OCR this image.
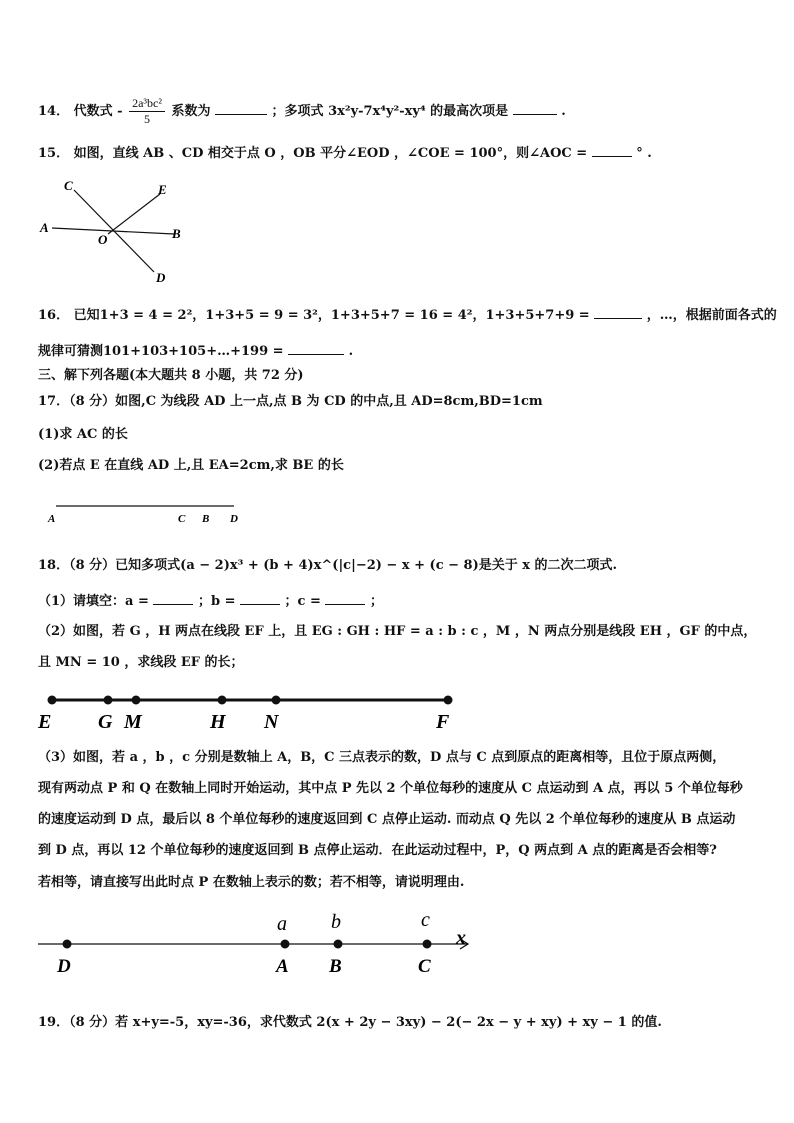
14． 代数式 - $\frac{\text{2a³bc²}}{5}$ 系数为	；多项式 3x²y-7x⁴y²-xy⁴ 的最高次项是	.
15． 如图，直线 AB 、CD 相交于点 O ，OB 平分∠EOD ，∠COE = 100°，则∠AOC =	° .
C	E
A
O	B
D
16． 已知1+3 = 4 = 2²，1+3+5 = 9 = 3²，1+3+5+7 = 16 = 4²，1+3+5+7+9 =	，…，根据前面各式的
规律可猜测101+103+105+…+199 =	.
三、解下列各题(本大题共 8 小题，共 72 分)
17．（8 分）如图,C 为线段 AD 上一点,点 B 为 CD 的中点,且 AD=8cm,BD=1cm
(1)求 AC 的长
(2)若点 E 在直线 AD 上,且 EA=2cm,求 BE 的长
A	C B D
18．（8 分）已知多项式(a − 2)x³ + (b + 4)x^(|c|−2) − x + (c − 8)是关于 x 的二次二项式.
（1）请填空：a =	；b =	；c =	；
（2）如图，若 G ，H 两点在线段 EF 上，且 EG : GH : HF = a : b : c ，M ，N 两点分别是线段 EH ，GF 的中点，
且 MN = 10 ，求线段 EF 的长；
E G M	H N	F
（3）如图，若 a ，b ，c 分别是数轴上 A，B，C 三点表示的数，D 点与 C 点到原点的距离相等，且位于原点两侧，
现有两动点 P 和 Q 在数轴上同时开始运动，其中点 P 先以 2 个单位每秒的速度从 C 点运动到 A 点，再以 5 个单位每秒
的速度运动到 D 点，最后以 8 个单位每秒的速度返回到 C 点停止运动. 而动点 Q 先以 2 个单位每秒的速度从 B 点运动
到 D 点，再以 12 个单位每秒的速度返回到 B 点停止运动．在此运动过程中，P，Q 两点到 A 点的距离是否会相等?
若相等，请直接写出此时点 P 在数轴上表示的数；若不相等，请说明理由.
a b	c
x
D	A B	C
19．（8 分）若 x+y=-5，xy=-36，求代数式 2(x + 2y − 3xy) − 2(− 2x − y + xy) + xy − 1 的值.
